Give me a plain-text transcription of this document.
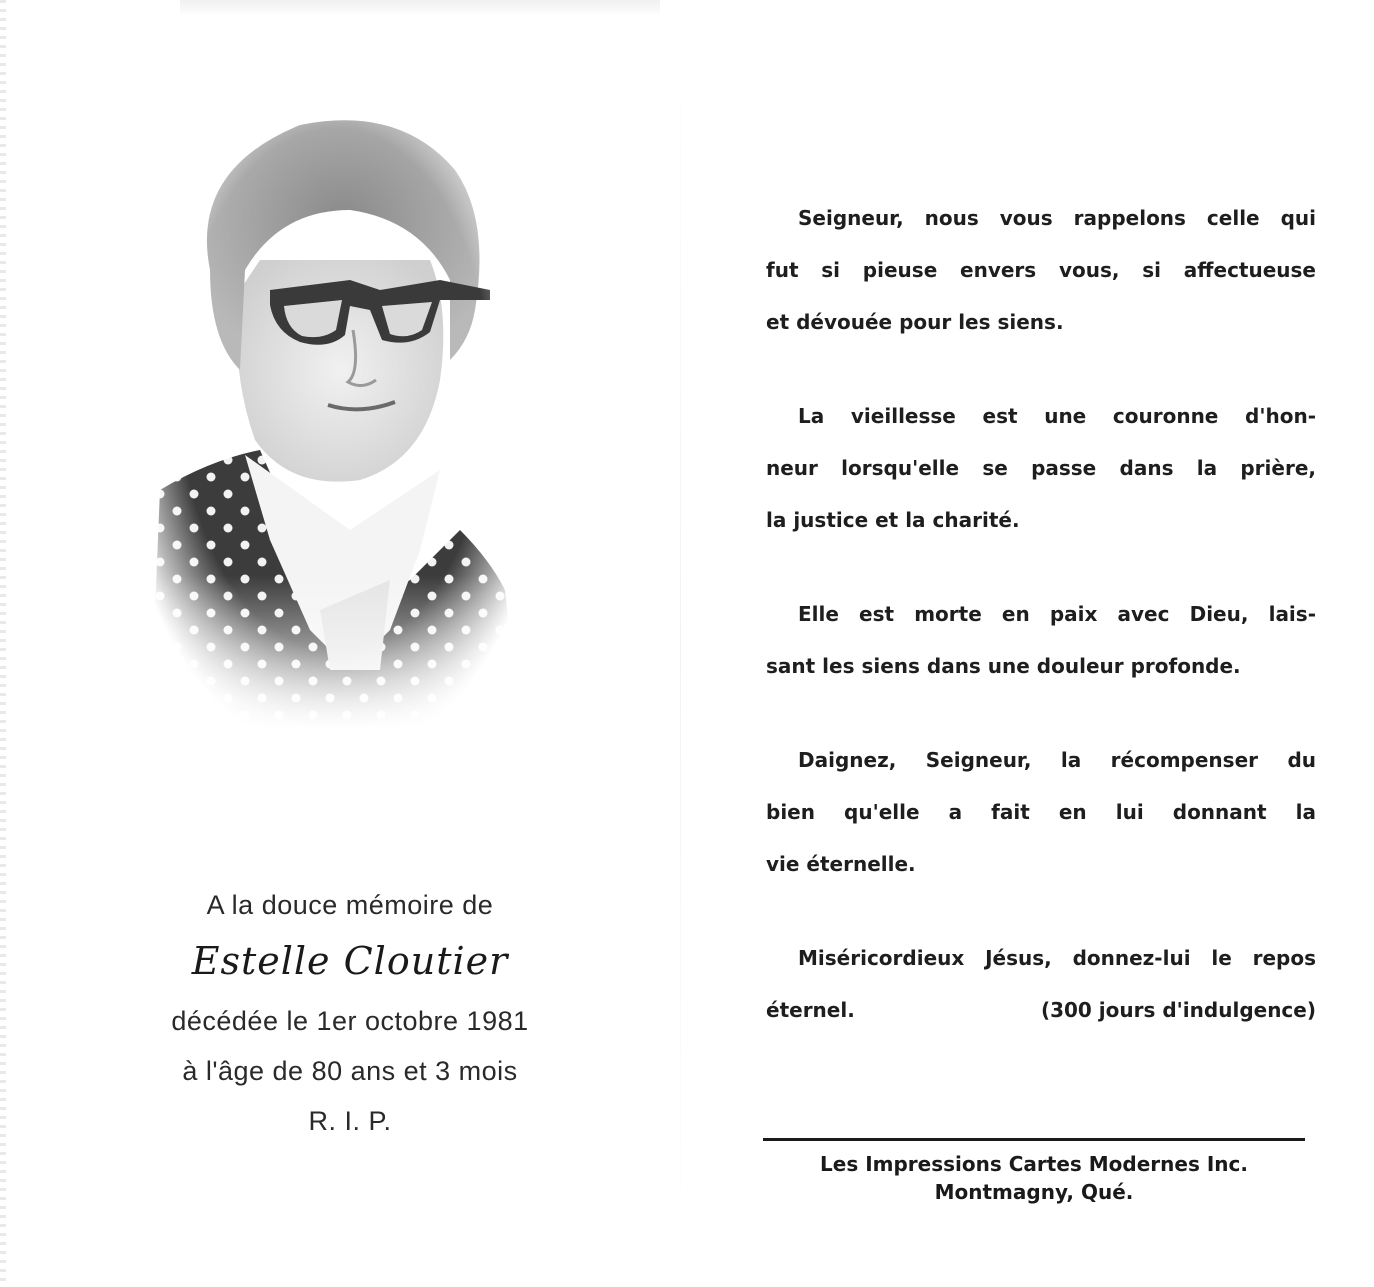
A la douce mémoire de
Estelle Cloutier
décédée le 1er octobre 1981
à l'âge de 80 ans et 3 mois
R. I. P.
Seigneur, nous vous rappelons celle qui
fut si pieuse envers vous, si affectueuse
et dévouée pour les siens.
La vieillesse est une couronne d'hon-
neur lorsqu'elle se passe dans la prière,
la justice et la charité.
Elle est morte en paix avec Dieu, lais-
sant les siens dans une douleur profonde.
Daignez, Seigneur, la récompenser du
bien qu'elle a fait en lui donnant la
vie éternelle.
Miséricordieux Jésus, donnez-lui le repos
éternel.	(300 jours d'indulgence)
Les Impressions Cartes Modernes Inc.
Montmagny, Qué.
